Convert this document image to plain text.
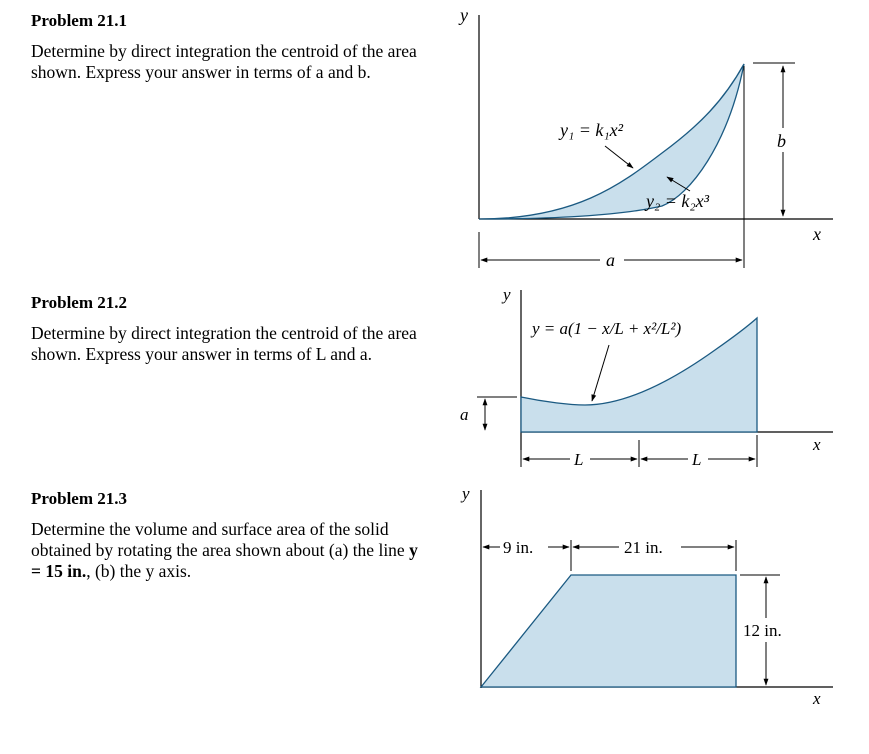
Problem 21.1

Determine by direct integration the centroid of the area shown. Express your answer in terms of a and b.

Problem 21.2

Determine by direct integration the centroid of the area shown. Express your answer in terms of L and a.

Problem 21.3

Determine the volume and surface area of the solid obtained by rotating the area shown about (a) the line y = 15 in., (b) the y axis.

y
x
b
a
y₁ = k₁x²
y₂ = k₂x³
y
x
y = a(1 − x/L + x²/L²)
a
L	L
y
x
9 in.	21 in.
12 in.
